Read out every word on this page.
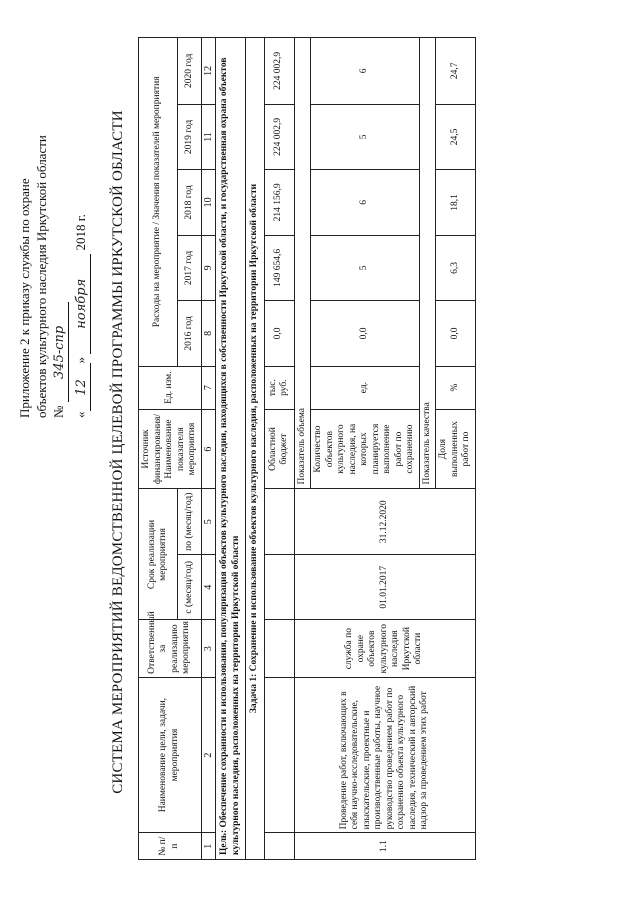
Приложение 2 к приказу службы по охране объектов культурного наследия Иркутской области № 345-спр
«12» ноября 2018 г. СИСТЕМА МЕРОПРИЯТИЙ ВЕДОМСТВЕННОЙ ЦЕЛЕВОЙ ПРОГРАММЫ ИРКУТСКОЙ ОБЛАСТИ
№ п/п	Наименование цели, задачи, мероприятия	Ответственный за реализацию мероприятия	Срок реализации мероприятия		Источник финансирования/ Наименование показателя мероприятия	Ед. изм.	Расходы на мероприятие / Значения показателей мероприятия				
			с (месяц/год)	по (месяц/год)			2016 год	2017 год	2018 год	2019 год	2020 год
1	2	3	4	5	6	7	8	9	10	11	12
Цель: Обеспечение сохранности и использования, популяризация объектов культурного наследия, находящихся в собственности Иркутской области, и государственная охрана объектов культурного наследия, расположенных на территории Иркутской области											
Задача 1: Сохранение и использование объектов культурного наследия, расположенных на территории Иркутской области											
					Областной бюджет	тыс. руб.	0,0	149 654,6	214 156,9	224 002,9	224 002,9
1.1	Проведение работ, включающих в себя научно-исследовательские, изыскательские, проектные и производственные работы, научное руководство проведением работ по сохранению объекта культурного наследия, технический и авторский надзор за проведением этих работ	служба по охране объектов культурного наследия Иркутской области	01.01.2017	31.12.2020	Показатель объема						
					Количество объектов культурного наследия, на которых планируется выполнение работ по сохранению	ед.	0,0	5	6	5	6
					Показатель качества						
					Доля выполненных работ по	%	0,0	6,3	18,1	24,5	24,7
